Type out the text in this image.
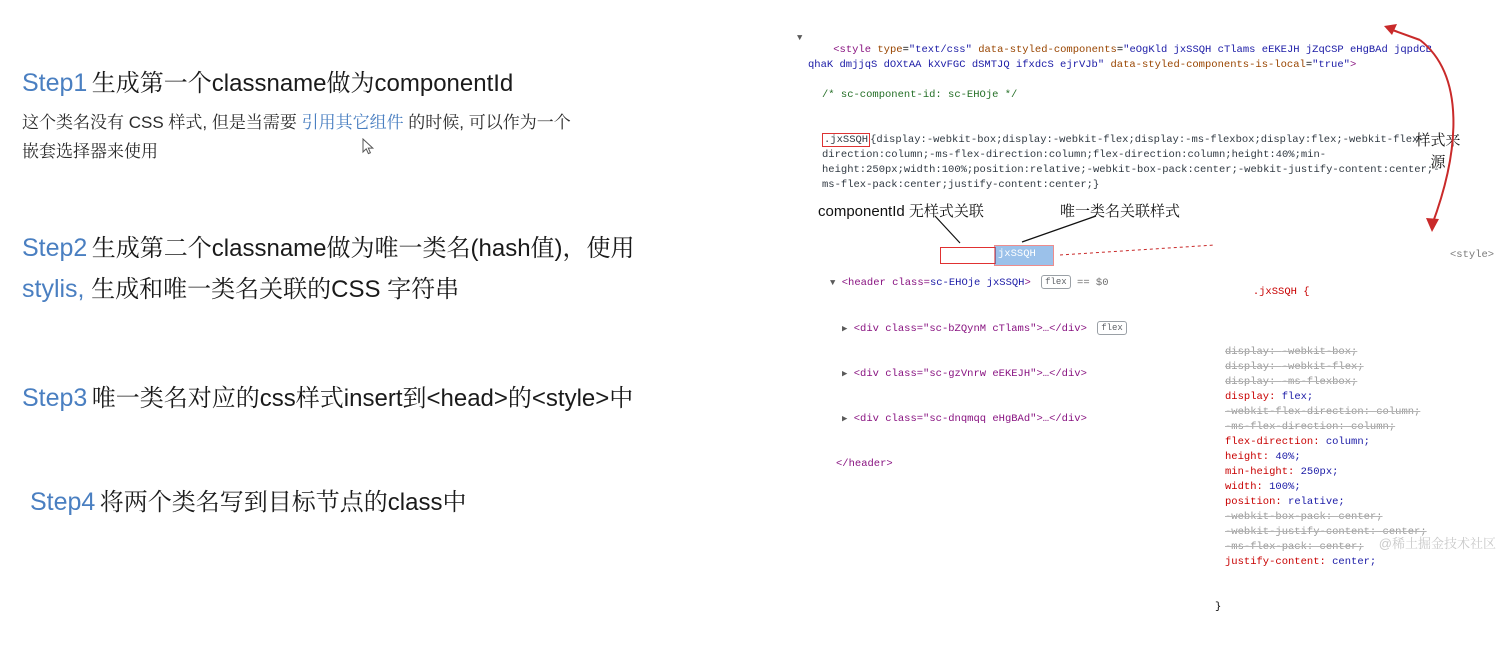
Step1 生成第一个classname做为componentId
这个类名没有 CSS 样式, 但是当需要 引用其它组件 的时候, 可以作为一个
嵌套选择器来使用
Step2 生成第二个classname做为唯一类名(hash值)，使用
stylis, 生成和唯一类名关联的CSS 字符串
Step3 唯一类名对应的css样式insert到<head>的<style>中
Step4 将两个类名写到目标节点的class中

▼
<style type="text/css" data-styled-components="eOgKld jxSSQH cTlams eEKEJH jZqCSP eHgBAd jqpdCB qhaK dmjjqS dOXtAA kXvFGC dSMTJQ ifxdcS ejrVJb" data-styled-components-is-local="true">

/* sc-component-id: sc-EHOje */

.jxSSQH {display:-webkit-box;display:-webkit-flex;display:-ms-flexbox;display:flex;-webkit-flex-direction:column;-ms-flex-direction:column;flex-direction:column;height:40%;min-height:250px;width:100%;position:relative;-webkit-box-pack:center;-webkit-justify-content:center;-ms-flex-pack:center;justify-content:center;}

componentId 无样式关联	唯一类名关联样式
样式来源

▼ <header class=sc-EHOje jxSSQH> flex == $0

▶ <div class="sc-bZQynM cTlams">…</div> flex

▶ <div class="sc-gzVnrw eEKEJH">…</div>

▶ <div class="sc-dnqmqq eHgBAd">…</div>

</header>

jxSSQH

.jxSSQH {

display: -webkit-box;
display: -webkit-flex;
display: -ms-flexbox;
display: flex;
-webkit-flex-direction: column;
-ms-flex-direction: column;
flex-direction: column;
height: 40%;
min-height: 250px;
width: 100%;
position: relative;
-webkit-box-pack: center;
-webkit-justify-content: center;
-ms-flex-pack: center;
justify-content: center;

}

<style>
@稀土掘金技术社区
